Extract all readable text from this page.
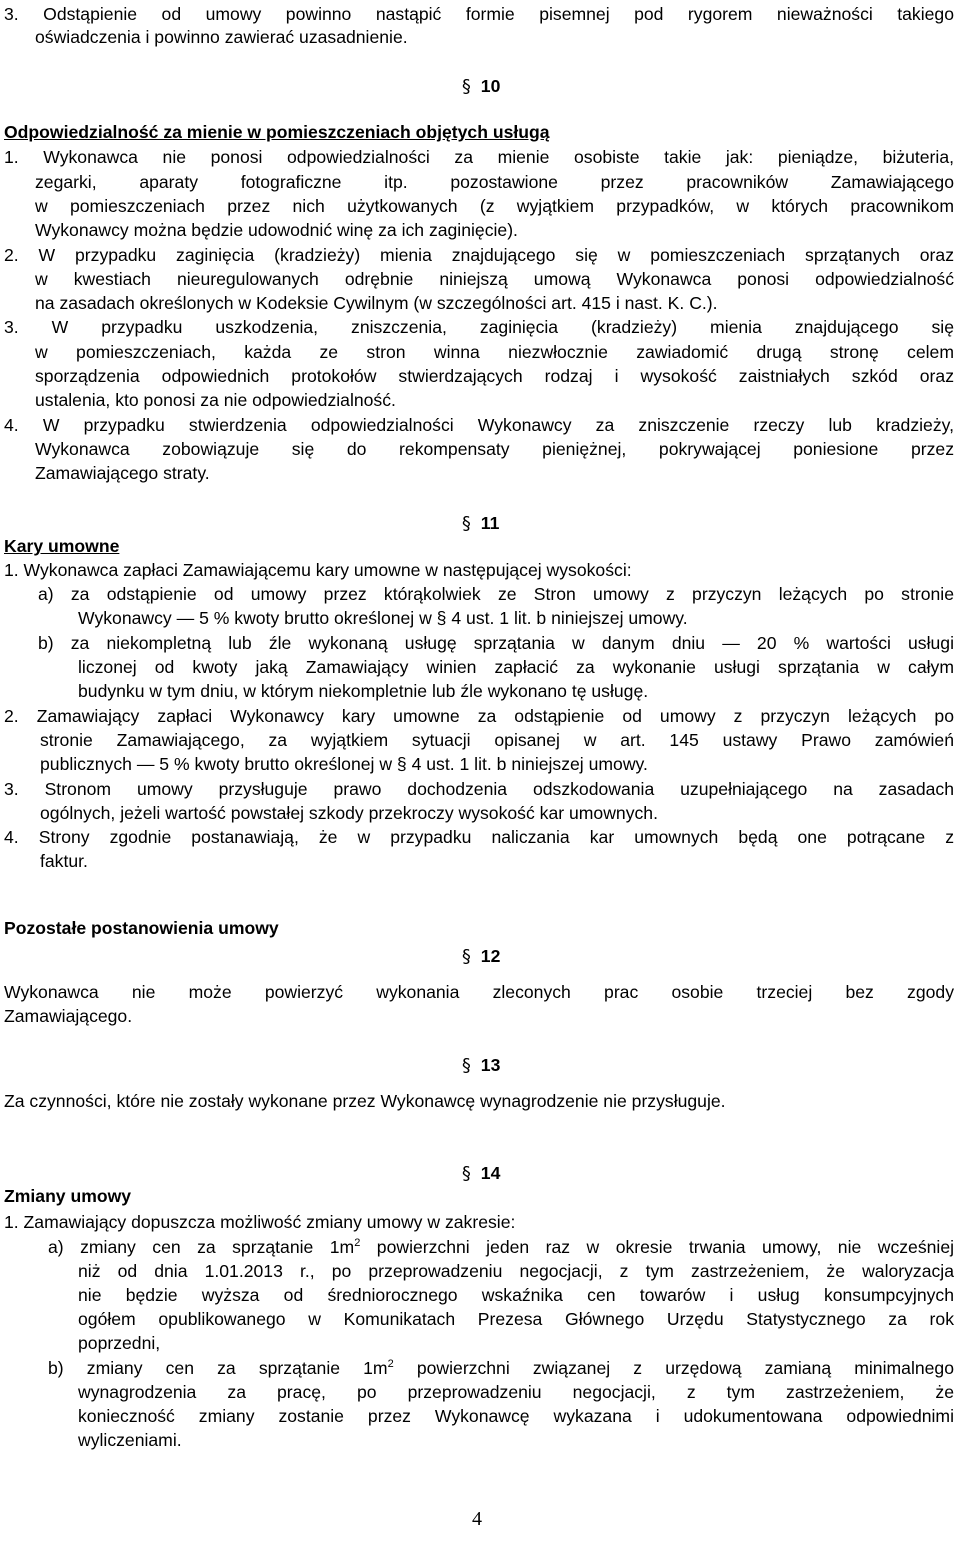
3. Odstąpienie od umowy powinno nastąpić formie pisemnej pod rygorem nieważności takiego
oświadczenia i powinno zawierać uzasadnienie.
§ 10
Odpowiedzialność za mienie w pomieszczeniach objętych usługą
1. Wykonawca nie ponosi odpowiedzialności za mienie osobiste takie jak: pieniądze, biżuteria,
zegarki, aparaty fotograficzne itp. pozostawione przez pracowników Zamawiającego
w pomieszczeniach przez nich użytkowanych (z wyjątkiem przypadków, w których pracownikom
Wykonawcy można będzie udowodnić winę za ich zaginięcie).
2. W przypadku zaginięcia (kradzieży) mienia znajdującego się w pomieszczeniach sprzątanych oraz
w kwestiach nieuregulowanych odrębnie niniejszą umową Wykonawca ponosi odpowiedzialność
na zasadach określonych w Kodeksie Cywilnym (w szczególności art. 415 i nast. K. C.).
3. W przypadku uszkodzenia, zniszczenia, zaginięcia (kradzieży) mienia znajdującego się
w pomieszczeniach, każda ze stron winna niezwłocznie zawiadomić drugą stronę celem
sporządzenia odpowiednich protokołów stwierdzających rodzaj i wysokość zaistniałych szkód oraz
ustalenia, kto ponosi za nie odpowiedzialność.
4. W przypadku stwierdzenia odpowiedzialności Wykonawcy za zniszczenie rzeczy lub kradzieży,
Wykonawca zobowiązuje się do rekompensaty pieniężnej, pokrywającej poniesione przez
Zamawiającego straty.
§ 11
Kary umowne
1. Wykonawca zapłaci Zamawiającemu kary umowne w następującej wysokości:
a) za odstąpienie od umowy przez którąkolwiek ze Stron umowy z przyczyn leżących po stronie
Wykonawcy — 5 % kwoty brutto określonej w § 4 ust. 1 lit. b niniejszej umowy.
b) za niekompletną lub źle wykonaną usługę sprzątania w danym dniu — 20 % wartości usługi
liczonej od kwoty jaką Zamawiający winien zapłacić za wykonanie usługi sprzątania w całym
budynku w tym dniu, w którym niekompletnie lub źle wykonano tę usługę.
2. Zamawiający zapłaci Wykonawcy kary umowne za odstąpienie od umowy z przyczyn leżących po
stronie Zamawiającego, za wyjątkiem sytuacji opisanej w art. 145 ustawy Prawo zamówień
publicznych — 5 % kwoty brutto określonej w § 4 ust. 1 lit. b niniejszej umowy.
3. Stronom umowy przysługuje prawo dochodzenia odszkodowania uzupełniającego na zasadach
ogólnych, jeżeli wartość powstałej szkody przekroczy wysokość kar umownych.
4. Strony zgodnie postanawiają, że w przypadku naliczania kar umownych będą one potrącane z
faktur.
Pozostałe postanowienia umowy
§ 12
Wykonawca nie może powierzyć wykonania zleconych prac osobie trzeciej bez zgody
Zamawiającego.
§ 13
Za czynności, które nie zostały wykonane przez Wykonawcę wynagrodzenie nie przysługuje.
§ 14
Zmiany umowy
1. Zamawiający dopuszcza możliwość zmiany umowy w zakresie:
a) zmiany cen za sprzątanie $1m^2$ powierzchni jeden raz w okresie trwania umowy, nie wcześniej
niż od dnia 1.01.2013 r., po przeprowadzeniu negocjacji, z tym zastrzeżeniem, że waloryzacja
nie będzie wyższa od średniorocznego wskaźnika cen towarów i usług konsumpcyjnych
ogółem opublikowanego w Komunikatach Prezesa Głównego Urzędu Statystycznego za rok
poprzedni,
b) zmiany cen za sprzątanie $1m^2$ powierzchni związanej z urzędową zamianą minimalnego
wynagrodzenia za pracę, po przeprowadzeniu negocjacji, z tym zastrzeżeniem, że
konieczność zmiany zostanie przez Wykonawcę wykazana i udokumentowana odpowiednimi
wyliczeniami.
4
